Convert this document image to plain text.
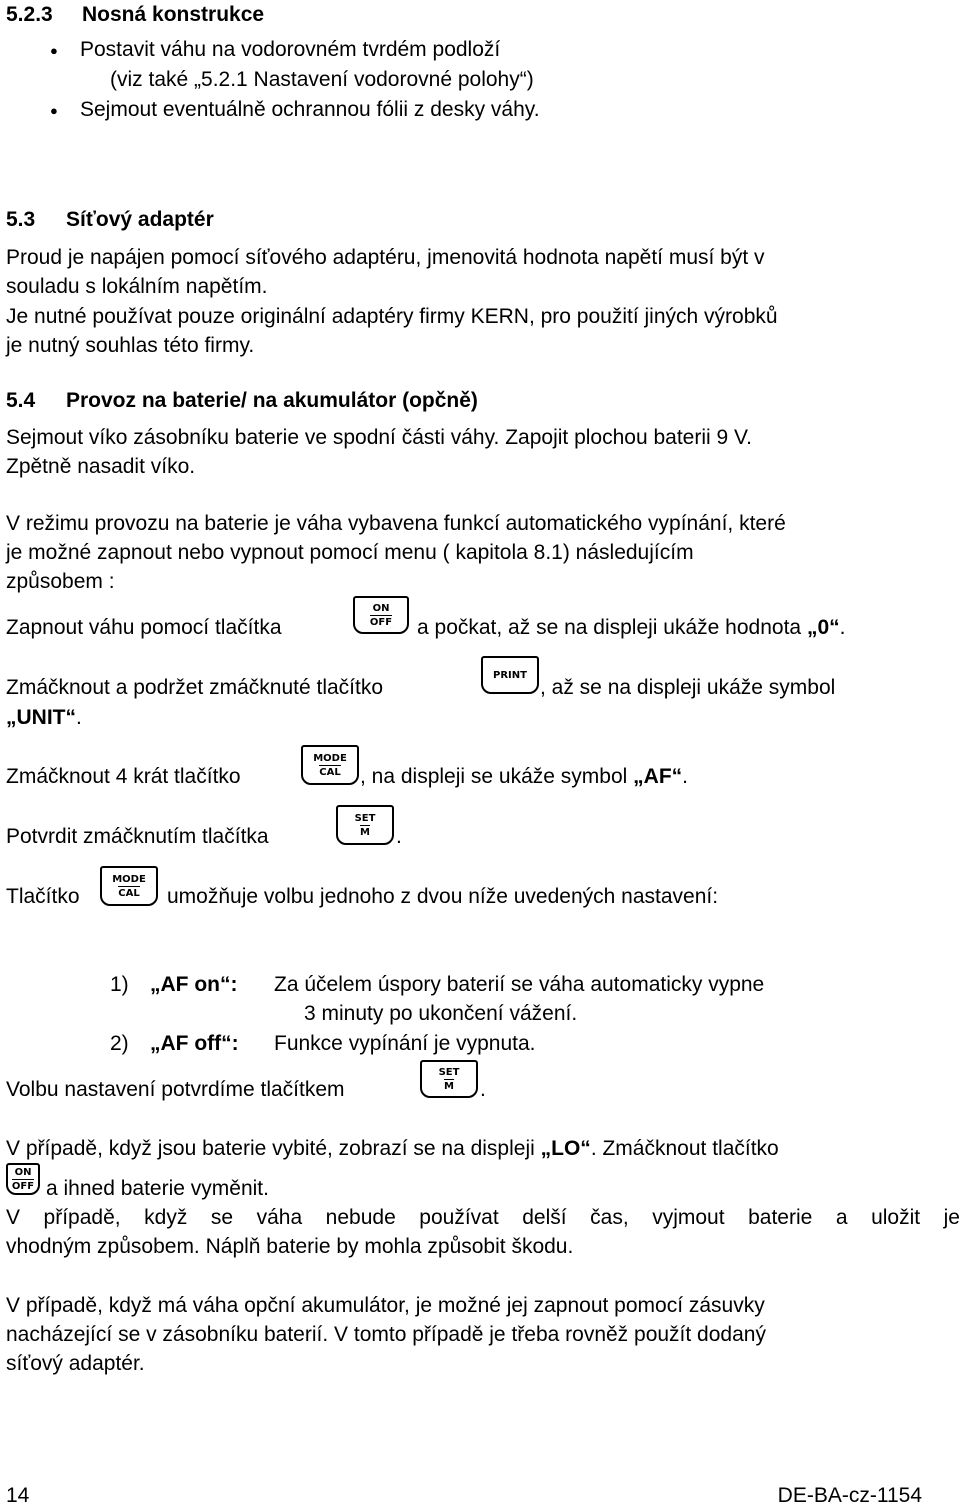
5.2.3 Nosná konstrukce
● Postavit váhu na vodorovném tvrdém podloží
(viz také „5.2.1 Nastavení vodorovné polohy“)
● Sejmout eventuálně ochrannou fólii z desky váhy.
5.3 Síťový adaptér
Proud je napájen pomocí síťového adaptéru, jmenovitá hodnota napětí musí být v
souladu s lokálním napětím.
Je nutné používat pouze originální adaptéry firmy KERN, pro použití jiných výrobků
je nutný souhlas této firmy.
5.4 Provoz na baterie/ na akumulátor (opčně)
Sejmout víko zásobníku baterie ve spodní části váhy. Zapojit plochou baterii 9 V.
Zpětně nasadit víko.
V režimu provozu na baterie je váha vybavena funkcí automatického vypínání, které
je možné zapnout nebo vypnout pomocí menu ( kapitola 8.1) následujícím
způsobem :
Zapnout váhu pomocí tlačítka
ON
OFF a počkat, až se na displeji ukáže hodnota „0“.
Zmáčknout a podržet zmáčknuté tlačítko
PRINT
, až se na displeji ukáže symbol
„UNIT“.
Zmáčknout 4 krát tlačítko
MODE
CAL , na displeji se ukáže symbol „AF“.
Potvrdit zmáčknutím tlačítka
SET
M .
Tlačítko
MODE
CAL umožňuje volbu jednoho z dvou níže uvedených nastavení:
1) „AF on“: Za účelem úspory baterií se váha automaticky vypne
3 minuty po ukončení vážení.
2) „AF off“: Funkce vypínání je vypnuta.
Volbu nastavení potvrdíme tlačítkem
SET
M .
V případě, když jsou baterie vybité, zobrazí se na displeji „LO“. Zmáčknout tlačítko
ON
OFF a ihned baterie vyměnit.
V případě, když se váha nebude používat delší čas, vyjmout baterie a uložit je
vhodným způsobem. Náplň baterie by mohla způsobit škodu.
V případě, když má váha opční akumulátor, je možné jej zapnout pomocí zásuvky
nacházející se v zásobníku baterií. V tomto případě je třeba rovněž použít dodaný
síťový adaptér.
14	DE-BA-cz-1154
